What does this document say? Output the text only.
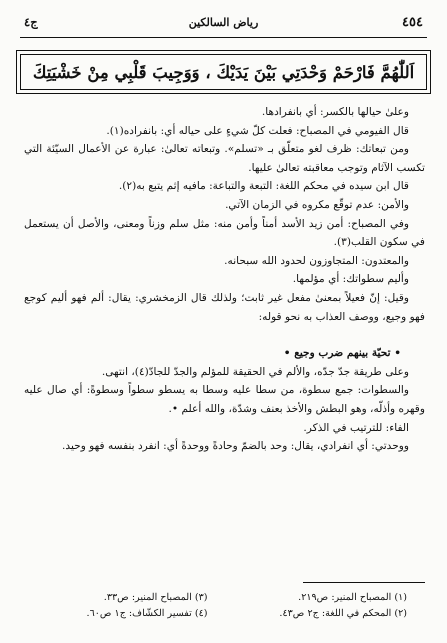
٤٥٤
رياض السالكين
ج٤
اَللّٰهُمَّ فَارْحَمْ وَحْدَتِي بَيْنَ يَدَيْكَ ، وَوَجِيبَ قَلْبِي مِنْ خَشْيَتِكَ

وعلىٰ حيالها بالكسر: أي بانفرادها.

قال الفيومي في المصباح: فعلت كلّ شيءٍ على حياله أي: بانفراده(١).

ومن تبعاتك: ظرف لغو متعلّق بـ «تسلم». وتبعاته تعالىٰ: عبارة عن الأعمال السيّئة التي تكسب الآثام وتوجب معاقبته تعالىٰ عليها.

قال ابن سيده في محكم اللغة: التبعة والتباعة: مافيه إثم يتبع به(٢).

والأمن: عدم توقّع مكروه في الزمان الآتي.

وفي المصباح: أمن زيد الأسد أمناً وأمن منه: مثل سلم وزناً ومعنى، والأصل أن يستعمل في سكون القلب(٣).

والمعتدون: المتجاوزون لحدود الله سبحانه.

وأليم سطواتك: أي مؤلمها.

وقيل: إنّ فعيلاً بمعنىٰ مفعل غير ثابت؛ ولذلك قال الزمخشري: يقال: ألم فهو أليم كوجع فهو وجيع، ووصف العذاب به نحو قوله:

• تحيّة بينهم ضرب وجيع •

وعلى طريقة جدّ جدّه، والألم في الحقيقة للمؤلم والجدّ للجادّ(٤)، انتهى.

والسطوات: جمع سطوة، من سطا عليه وسطا به يسطو سطواً وسطوةً: أي صال عليه وقهره وأذلّه، وهو البطش والأخذ بعنف وشدّة، والله أعلم •.

الفاء: للترتيب في الذكر.

ووحدتي: أي انفرادي، يقال: وحد بالضمّ وحادةً ووحدةً أي: انفرد بنفسه فهو وحيد.

(١) المصباح المنير: ص٢١٩.
(٣) المصباح المنير: ص٣٣.
(٢) المحكم في اللغة: ج٢ ص٤٣.
(٤) تفسير الكشّاف: ج١ ص٦٠.
